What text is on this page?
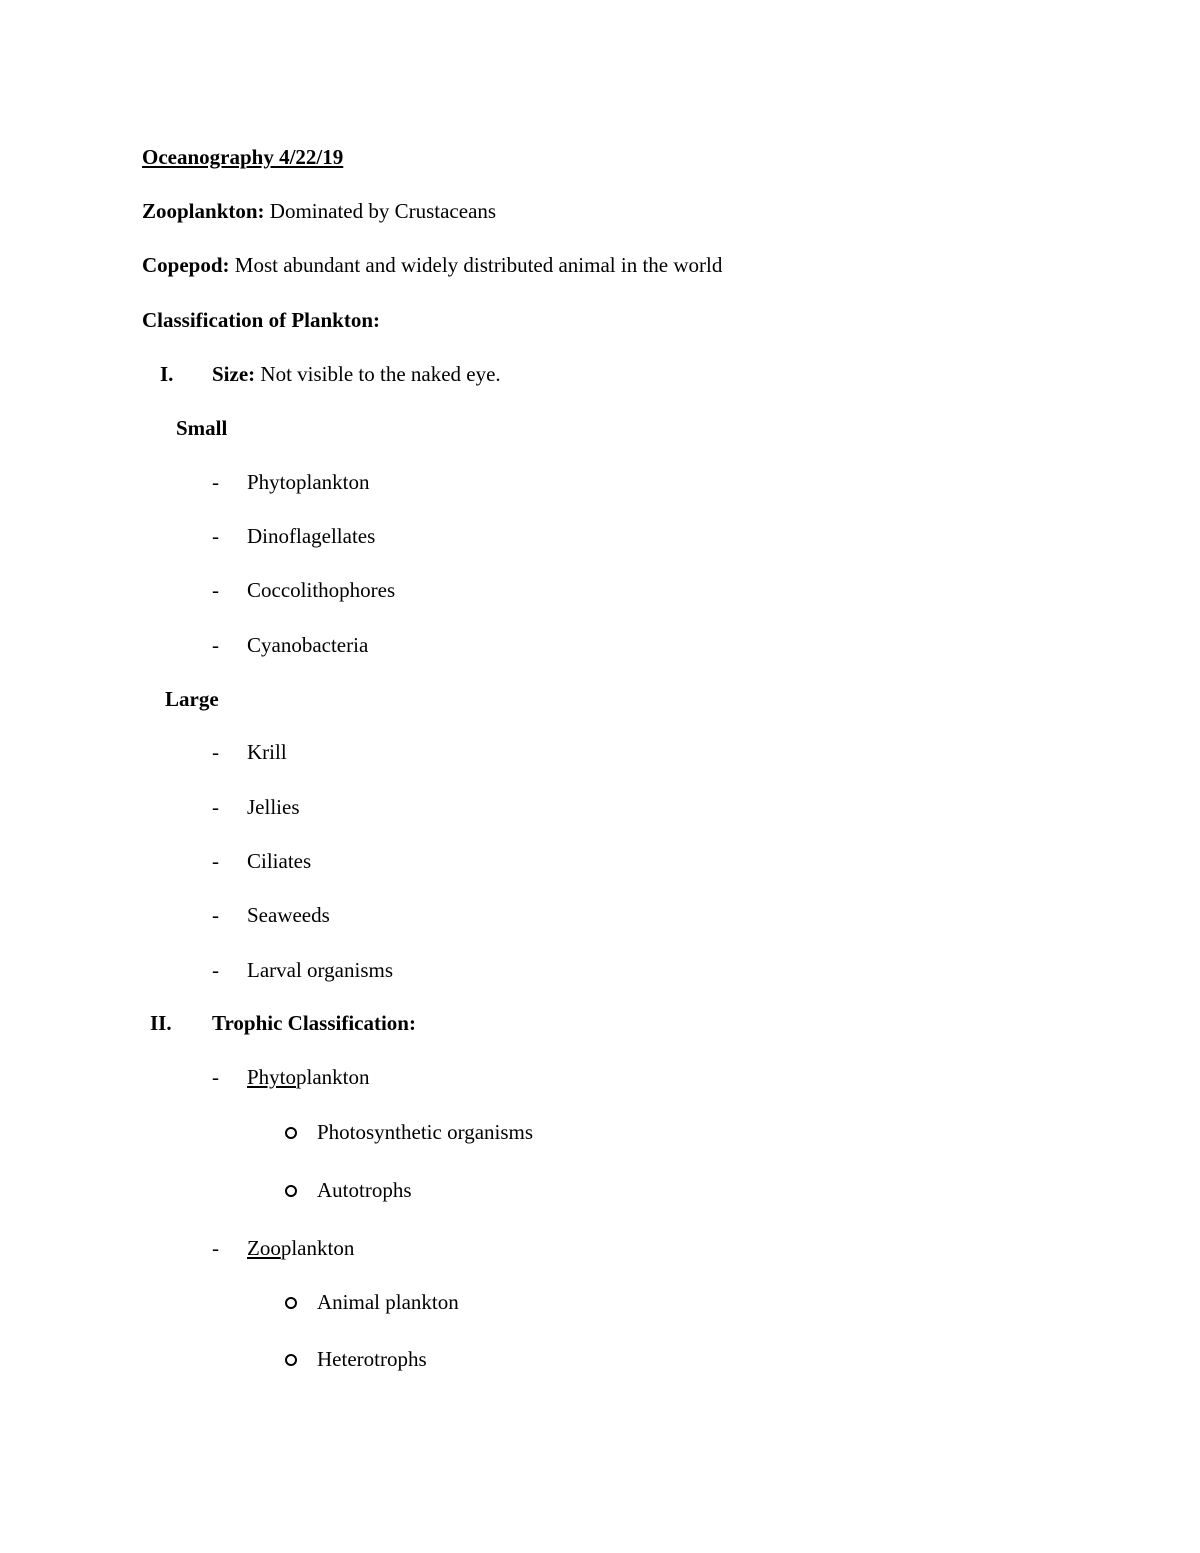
Oceanography 4/22/19
Zooplankton: Dominated by Crustaceans
Copepod: Most abundant and widely distributed animal in the world
Classification of Plankton:
I. Size: Not visible to the naked eye.
Small
- Phytoplankton
- Dinoflagellates
- Coccolithophores
- Cyanobacteria
Large
- Krill
- Jellies
- Ciliates
- Seaweeds
- Larval organisms
II. Trophic Classification:
- Phytoplankton
Photosynthetic organisms
Autotrophs
- Zooplankton
Animal plankton
Heterotrophs
